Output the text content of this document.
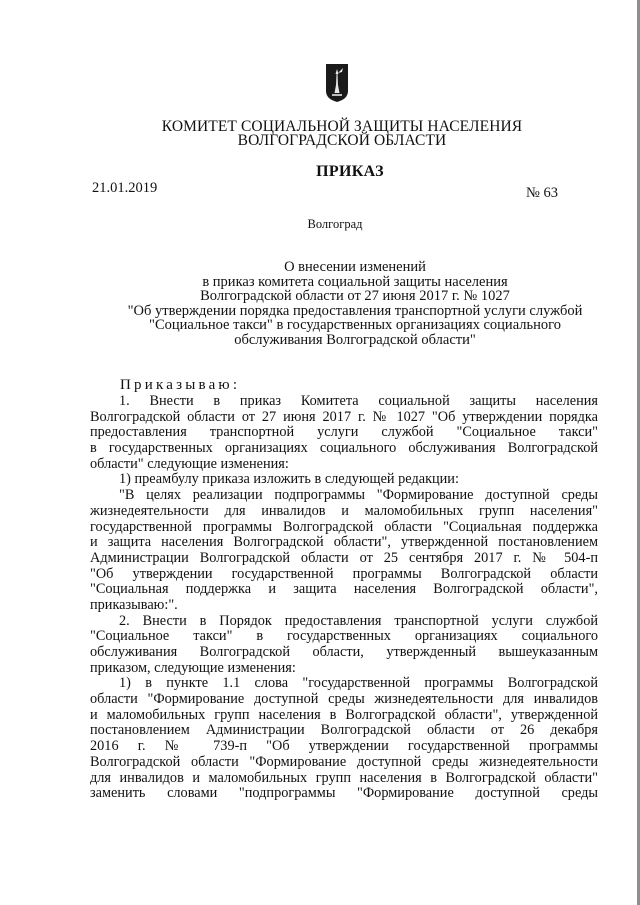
КОМИТЕТ СОЦИАЛЬНОЙ ЗАЩИТЫ НАСЕЛЕНИЯ
ВОЛГОГРАДСКОЙ ОБЛАСТИ
ПРИКАЗ
21.01.2019	№ 63
Волгоград
О внесении изменений
в приказ комитета социальной защиты населения
Волгоградской области от 27 июня 2017 г. № 1027
"Об утверждении порядка предоставления транспортной услуги службой
"Социальное такси" в государственных организациях социального
обслуживания Волгоградской области"
Приказываю:
1. Внести в приказ Комитета социальной защиты населения
Волгоградской области от 27 июня 2017 г. № 1027 "Об утверждении порядка
предоставления транспортной услуги службой "Социальное такси"
в государственных организациях социального обслуживания Волгоградской
области" следующие изменения:
1) преамбулу приказа изложить в следующей редакции:
"В целях реализации подпрограммы "Формирование доступной среды
жизнедеятельности для инвалидов и маломобильных групп населения"
государственной программы Волгоградской области "Социальная поддержка
и защита населения Волгоградской области", утвержденной постановлением
Администрации Волгоградской области от 25 сентября 2017 г. № 504-п
"Об утверждении государственной программы Волгоградской области
"Социальная поддержка и защита населения Волгоградской области",
приказываю:".
2. Внести в Порядок предоставления транспортной услуги службой
"Социальное такси" в государственных организациях социального
обслуживания Волгоградской области, утвержденный вышеуказанным
приказом, следующие изменения:
1) в пункте 1.1 слова "государственной программы Волгоградской
области "Формирование доступной среды жизнедеятельности для инвалидов
и маломобильных групп населения в Волгоградской области", утвержденной
постановлением Администрации Волгоградской области от 26 декабря
2016 г. № 739-п "Об утверждении государственной программы
Волгоградской области "Формирование доступной среды жизнедеятельности
для инвалидов и маломобильных групп населения в Волгоградской области"
заменить словами "подпрограммы "Формирование доступной среды
